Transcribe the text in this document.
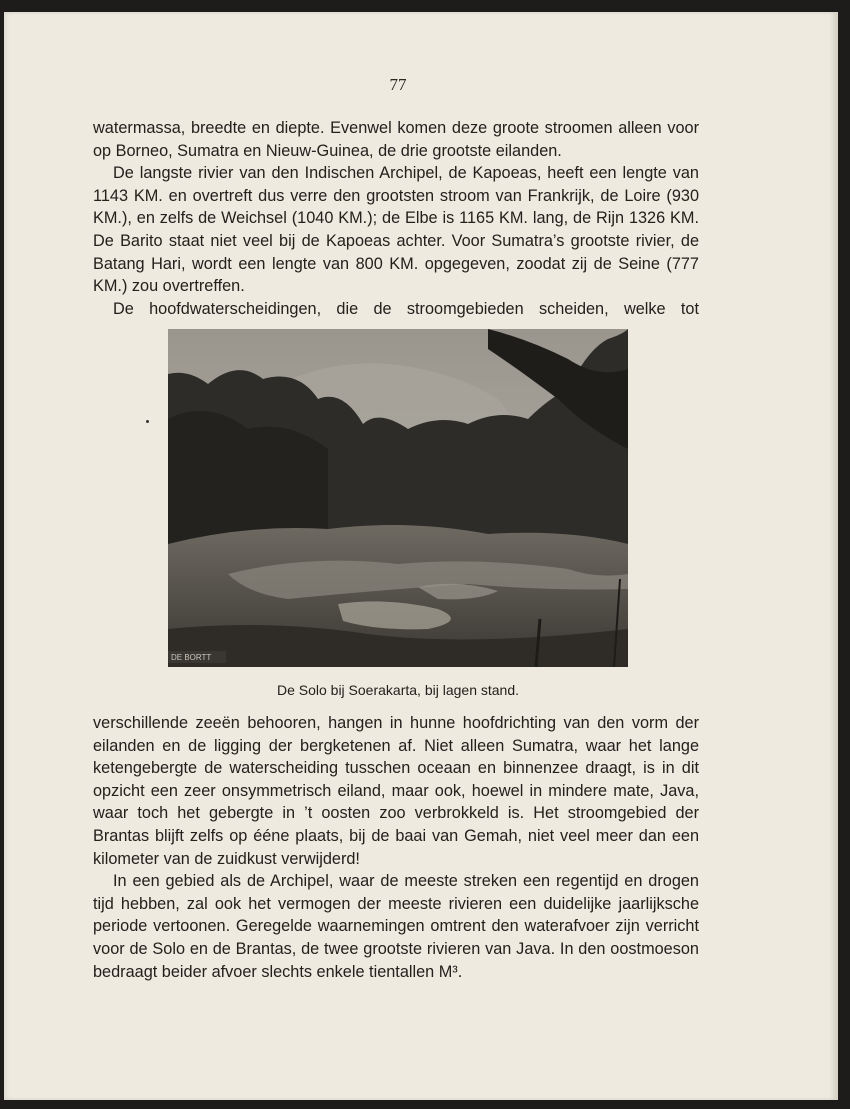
77

watermassa, breedte en diepte. Evenwel komen deze groote stroomen alleen voor op Borneo, Sumatra en Nieuw-Guinea, de drie grootste eilanden.

De langste rivier van den Indischen Archipel, de Kapoeas, heeft een lengte van 1143 KM. en overtreft dus verre den grootsten stroom van Frankrijk, de Loire (930 KM.), en zelfs de Weichsel (1040 KM.); de Elbe is 1165 KM. lang, de Rijn 1326 KM. De Barito staat niet veel bij de Kapoeas achter. Voor Sumatra’s grootste rivier, de Batang Hari, wordt een lengte van 800 KM. opgegeven, zoodat zij de Seine (777 KM.) zou overtreffen.

De hoofdwaterscheidingen, die de stroomgebieden scheiden, welke tot

DE BORTT
De Solo bij Soerakarta, bij lagen stand.

verschillende zeeën behooren, hangen in hunne hoofdrichting van den vorm der eilanden en de ligging der bergketenen af. Niet alleen Sumatra, waar het lange ketengebergte de waterscheiding tusschen oceaan en binnenzee draagt, is in dit opzicht een zeer onsymmetrisch eiland, maar ook, hoewel in mindere mate, Java, waar toch het gebergte in ’t oosten zoo verbrokkeld is. Het stroomgebied der Brantas blijft zelfs op ééne plaats, bij de baai van Gemah, niet veel meer dan een kilometer van de zuidkust verwijderd!

In een gebied als de Archipel, waar de meeste streken een regentijd en drogen tijd hebben, zal ook het vermogen der meeste rivieren een duidelijke jaarlijksche periode vertoonen. Geregelde waarnemingen omtrent den waterafvoer zijn verricht voor de Solo en de Brantas, de twee grootste rivieren van Java. In den oostmoeson bedraagt beider afvoer slechts enkele tientallen M³.
